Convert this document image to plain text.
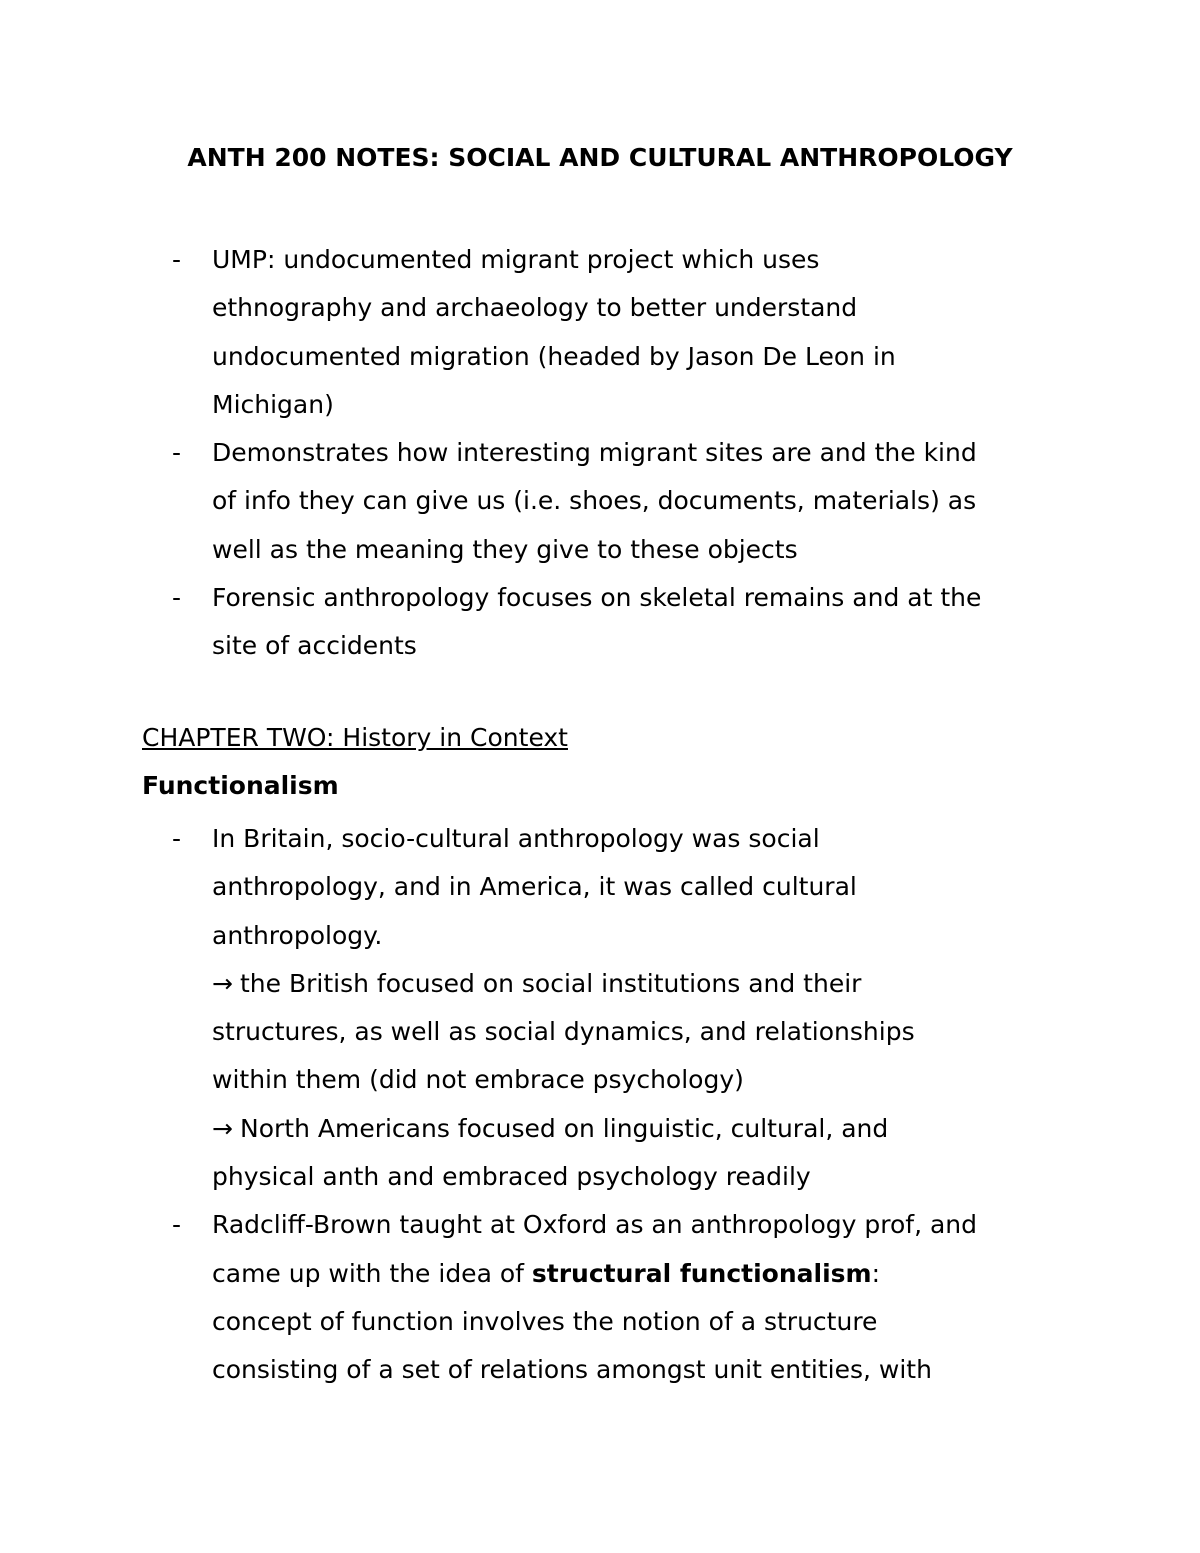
ANTH 200 NOTES: SOCIAL AND CULTURAL ANTHROPOLOGY
-	UMP: undocumented migrant project which uses
ethnography and archaeology to better understand
undocumented migration (headed by Jason De Leon in
Michigan)
-	Demonstrates how interesting migrant sites are and the kind
of info they can give us (i.e. shoes, documents, materials) as
well as the meaning they give to these objects
-	Forensic anthropology focuses on skeletal remains and at the
site of accidents
CHAPTER TWO: History in Context
Functionalism
-	In Britain, socio-cultural anthropology was social
anthropology, and in America, it was called cultural
anthropology.
→ the British focused on social institutions and their
structures, as well as social dynamics, and relationships
within them (did not embrace psychology)
→ North Americans focused on linguistic, cultural, and
physical anth and embraced psychology readily
-	Radcliff-Brown taught at Oxford as an anthropology prof, and
came up with the idea of structural functionalism:
concept of function involves the notion of a structure
consisting of a set of relations amongst unit entities, with
